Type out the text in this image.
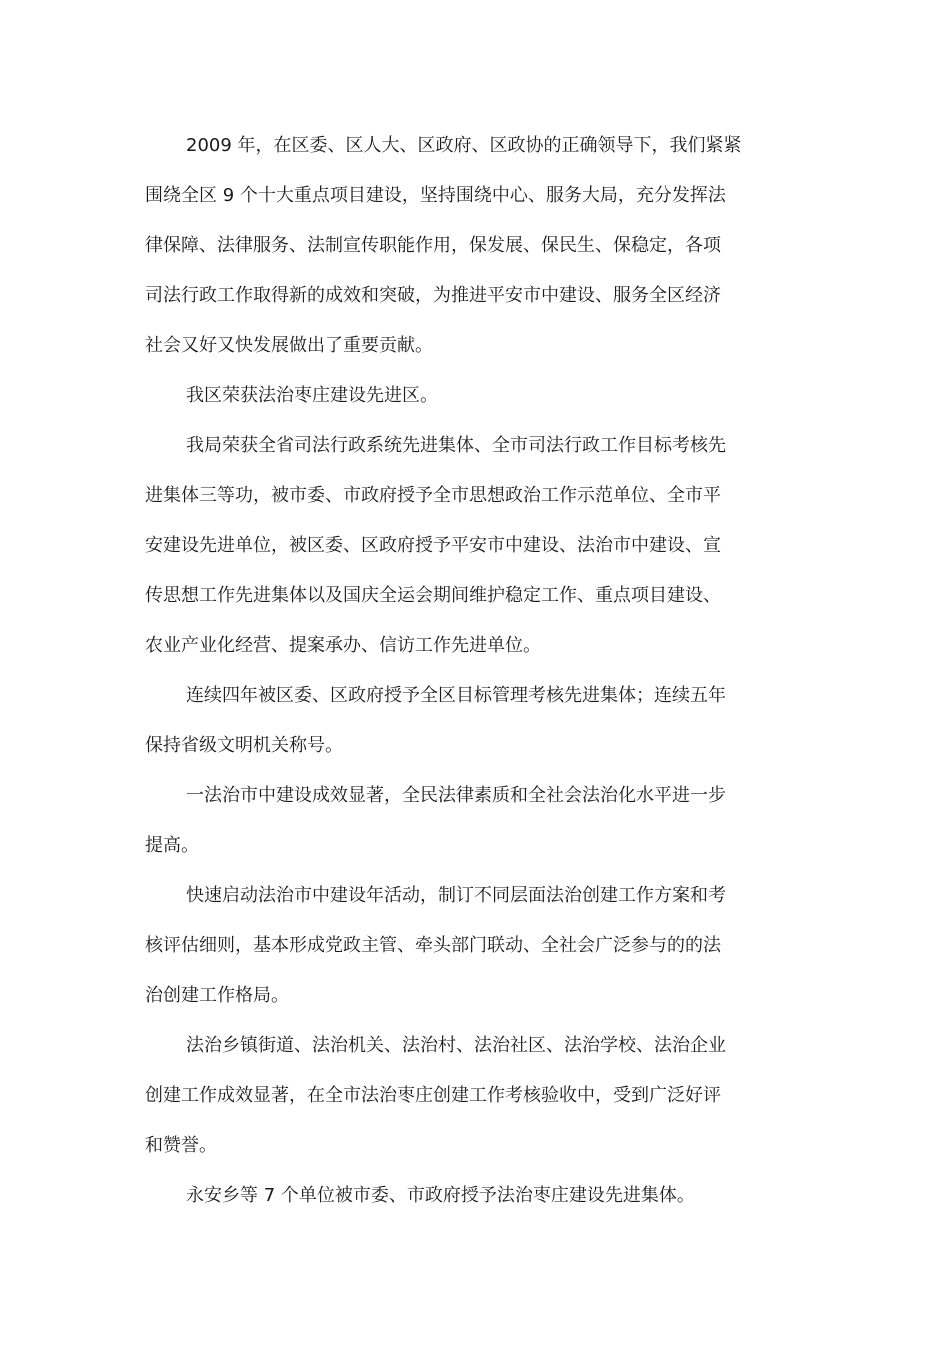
2009 年，在区委、区人大、区政府、区政协的正确领导下，我们紧紧
围绕全区 9 个十大重点项目建设，坚持围绕中心、服务大局，充分发挥法
律保障、法律服务、法制宣传职能作用，保发展、保民生、保稳定，各项
司法行政工作取得新的成效和突破，为推进平安市中建设、服务全区经济
社会又好又快发展做出了重要贡献。
我区荣获法治枣庄建设先进区。
我局荣获全省司法行政系统先进集体、全市司法行政工作目标考核先
进集体三等功，被市委、市政府授予全市思想政治工作示范单位、全市平
安建设先进单位，被区委、区政府授予平安市中建设、法治市中建设、宣
传思想工作先进集体以及国庆全运会期间维护稳定工作、重点项目建设、
农业产业化经营、提案承办、信访工作先进单位。
连续四年被区委、区政府授予全区目标管理考核先进集体；连续五年
保持省级文明机关称号。
一法治市中建设成效显著，全民法律素质和全社会法治化水平进一步
提高。
快速启动法治市中建设年活动，制订不同层面法治创建工作方案和考
核评估细则，基本形成党政主管、牵头部门联动、全社会广泛参与的的法
治创建工作格局。
法治乡镇街道、法治机关、法治村、法治社区、法治学校、法治企业
创建工作成效显著，在全市法治枣庄创建工作考核验收中，受到广泛好评
和赞誉。
永安乡等 7 个单位被市委、市政府授予法治枣庄建设先进集体。
